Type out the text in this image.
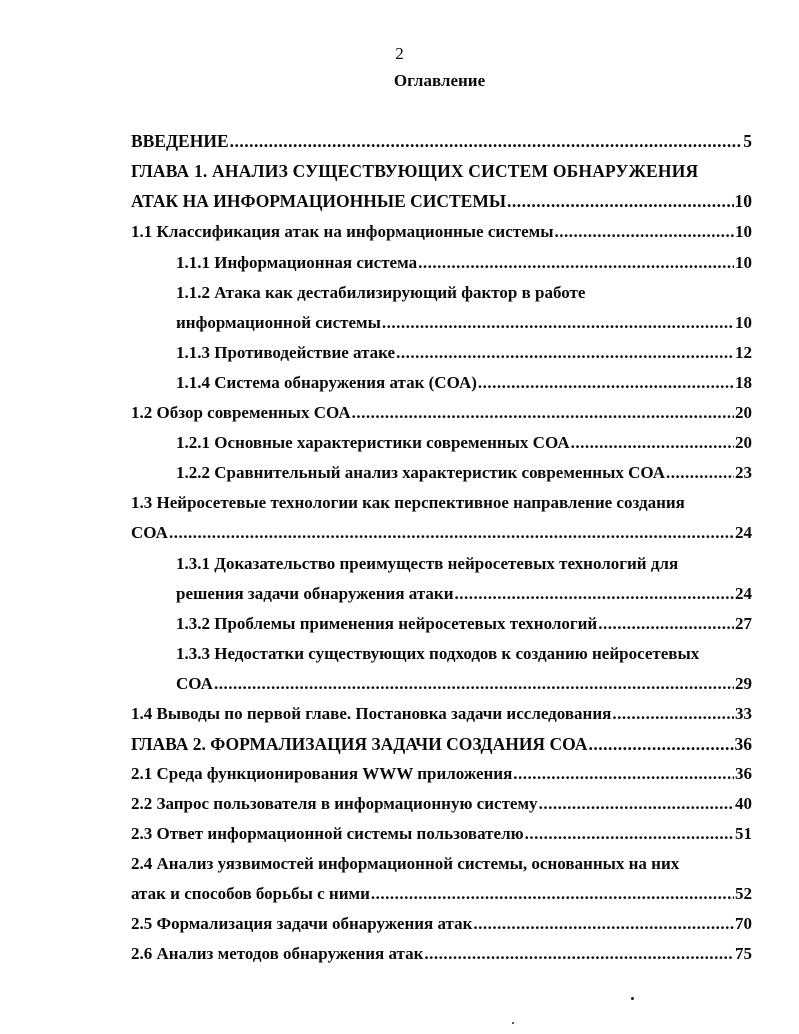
2
Оглавление
ВВЕДЕНИЕ .....	5
ГЛАВА 1. АНАЛИЗ СУЩЕСТВУЮЩИХ СИСТЕМ ОБНАРУЖЕНИЯ
АТАК НА ИНФОРМАЦИОННЫЕ СИСТЕМЫ .....	10
1.1 Классификация атак на информационные системы .....	10
1.1.1 Информационная система .....	10
1.1.2 Атака как дестабилизирующий фактор в работе
информационной системы .....	10
1.1.3 Противодействие атаке .....	12
1.1.4 Система обнаружения атак (СОА) .....	18
1.2 Обзор современных СОА .....	20
1.2.1 Основные характеристики современных СОА .....	20
1.2.2 Сравнительный анализ характеристик современных СОА .....	23
1.3 Нейросетевые технологии как перспективное направление создания
СОА .....	24
1.3.1 Доказательство преимуществ нейросетевых технологий для
решения задачи обнаружения атаки .....	24
1.3.2 Проблемы применения нейросетевых технологий .....	27
1.3.3 Недостатки существующих подходов к созданию нейросетевых
СОА .....	29
1.4 Выводы по первой главе. Постановка задачи исследования .....	33
ГЛАВА 2. ФОРМАЛИЗАЦИЯ ЗАДАЧИ СОЗДАНИЯ СОА .....	36
2.1 Среда функционирования WWW приложения .....	36
2.2 Запрос пользователя в информационную систему .....	40
2.3 Ответ информационной системы пользователю .....	51
2.4 Анализ уязвимостей информационной системы, основанных на них
атак и способов борьбы с ними .....	52
2.5 Формализация задачи обнаружения атак .....	70
2.6 Анализ методов обнаружения атак .....	75
